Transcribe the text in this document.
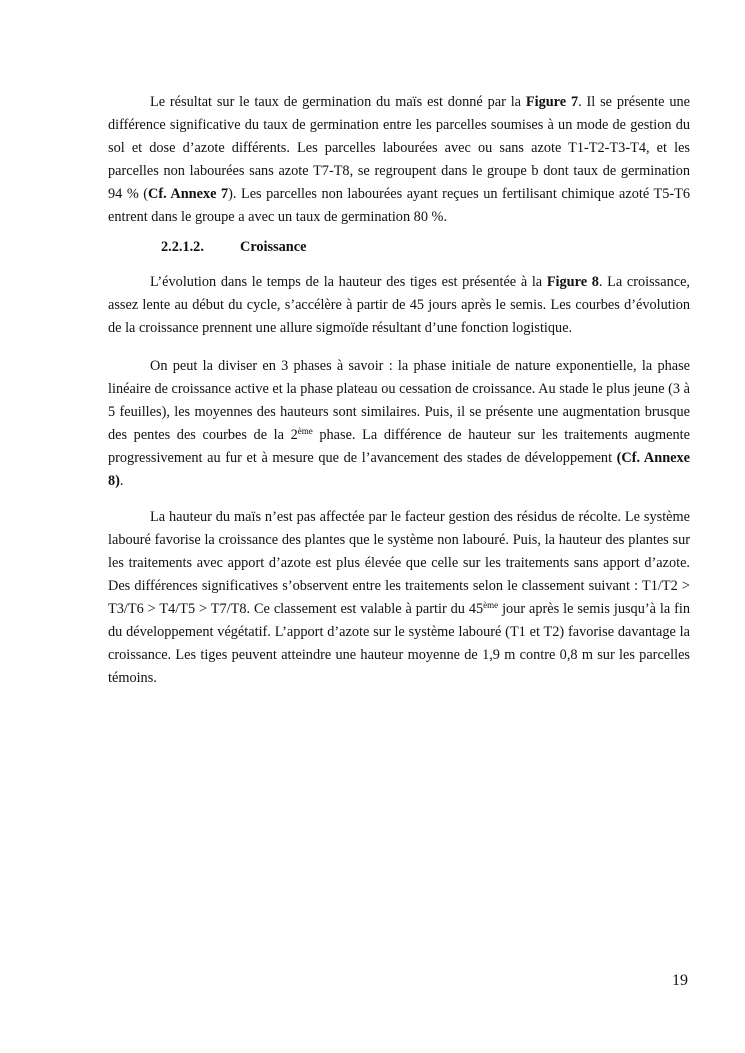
Le résultat sur le taux de germination du maïs est donné par la Figure 7. Il se présente une différence significative du taux de germination entre les parcelles soumises à un mode de gestion du sol et dose d’azote différents. Les parcelles labourées avec ou sans azote T1-T2-T3-T4, et les parcelles non labourées sans azote T7-T8, se regroupent dans le groupe b dont taux de germination 94 % (Cf. Annexe 7). Les parcelles non labourées ayant reçues un fertilisant chimique azoté T5-T6 entrent dans le groupe a avec un taux de germination 80 %.

2.2.1.2.	Croissance

L’évolution dans le temps de la hauteur des tiges est présentée à la Figure 8. La croissance, assez lente au début du cycle, s’accélère à partir de 45 jours après le semis. Les courbes d’évolution de la croissance prennent une allure sigmoïde résultant d’une fonction logistique.

On peut la diviser en 3 phases à savoir : la phase initiale de nature exponentielle, la phase linéaire de croissance active et la phase plateau ou cessation de croissance. Au stade le plus jeune (3 à 5 feuilles), les moyennes des hauteurs sont similaires. Puis, il se présente une augmentation brusque des pentes des courbes de la 2ème phase. La différence de hauteur sur les traitements augmente progressivement au fur et à mesure que de l’avancement des stades de développement (Cf. Annexe 8).

La hauteur du maïs n’est pas affectée par le facteur gestion des résidus de récolte. Le système labouré favorise la croissance des plantes que le système non labouré. Puis, la hauteur des plantes sur les traitements avec apport d’azote est plus élevée que celle sur les traitements sans apport d’azote. Des différences significatives s’observent entre les traitements selon le classement suivant : T1/T2 > T3/T6 > T4/T5 > T7/T8. Ce classement est valable à partir du 45ème jour après le semis jusqu’à la fin du développement végétatif. L’apport d’azote sur le système labouré (T1 et T2) favorise davantage la croissance. Les tiges peuvent atteindre une hauteur moyenne de 1,9 m contre 0,8 m sur les parcelles témoins.

19
